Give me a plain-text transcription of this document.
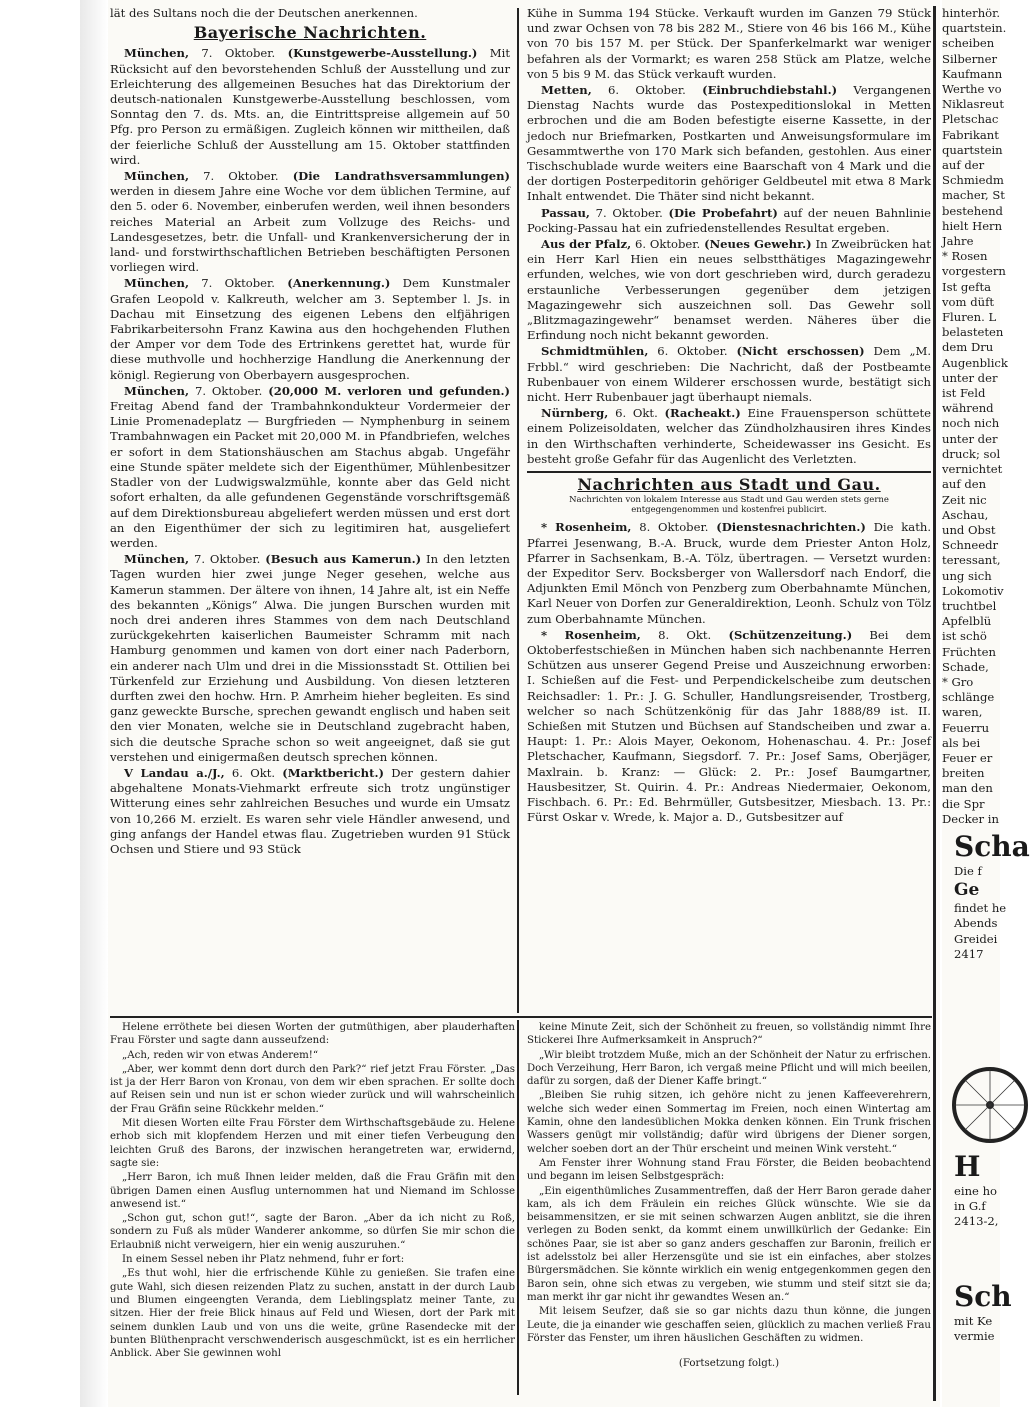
lät des Sultans noch die der Deutschen anerkennen.

Bayerische Nachrichten.

München, 7. Oktober. (Kunstgewerbe-Ausstellung.) Mit Rücksicht auf den bevorstehenden Schluß der Ausstellung und zur Erleichterung des allgemeinen Besuches hat das Direktorium der deutsch-nationalen Kunstgewerbe-Ausstellung beschlossen, vom Sonntag den 7. ds. Mts. an, die Eintrittspreise allgemein auf 50 Pfg. pro Person zu ermäßigen. Zugleich können wir mittheilen, daß der feierliche Schluß der Ausstellung am 15. Oktober stattfinden wird.

München, 7. Oktober. (Die Landrathsversammlungen) werden in diesem Jahre eine Woche vor dem üblichen Termine, auf den 5. oder 6. November, einberufen werden, weil ihnen besonders reiches Material an Arbeit zum Vollzuge des Reichs- und Landesgesetzes, betr. die Unfall- und Krankenversicherung der in land- und forstwirthschaftlichen Betrieben beschäftigten Personen vorliegen wird.

München, 7. Oktober. (Anerkennung.) Dem Kunstmaler Grafen Leopold v. Kalkreuth, welcher am 3. September l. Js. in Dachau mit Einsetzung des eigenen Lebens den elfjährigen Fabrikarbeitersohn Franz Kawina aus den hochgehenden Fluthen der Amper vor dem Tode des Ertrinkens gerettet hat, wurde für diese muthvolle und hochherzige Handlung die Anerkennung der königl. Regierung von Oberbayern ausgesprochen.

München, 7. Oktober. (20,000 M. verloren und gefunden.) Freitag Abend fand der Trambahnkondukteur Vordermeier der Linie Promenadeplatz — Burgfrieden — Nymphenburg in seinem Trambahnwagen ein Packet mit 20,000 M. in Pfandbriefen, welches er sofort in dem Stationshäuschen am Stachus abgab. Ungefähr eine Stunde später meldete sich der Eigenthümer, Mühlenbesitzer Stadler von der Ludwigswalzmühle, konnte aber das Geld nicht sofort erhalten, da alle gefundenen Gegenstände vorschriftsgemäß auf dem Direktionsbureau abgeliefert werden müssen und erst dort an den Eigenthümer der sich zu legitimiren hat, ausgeliefert werden.

München, 7. Oktober. (Besuch aus Kamerun.) In den letzten Tagen wurden hier zwei junge Neger gesehen, welche aus Kamerun stammen. Der ältere von ihnen, 14 Jahre alt, ist ein Neffe des bekannten „Königs“ Alwa. Die jungen Burschen wurden mit noch drei anderen ihres Stammes von dem nach Deutschland zurückgekehrten kaiserlichen Baumeister Schramm mit nach Hamburg genommen und kamen von dort einer nach Paderborn, ein anderer nach Ulm und drei in die Missionsstadt St. Ottilien bei Türkenfeld zur Erziehung und Ausbildung. Von diesen letzteren durften zwei den hochw. Hrn. P. Amrheim hieher begleiten. Es sind ganz geweckte Bursche, sprechen gewandt englisch und haben seit den vier Monaten, welche sie in Deutschland zugebracht haben, sich die deutsche Sprache schon so weit angeeignet, daß sie gut verstehen und einigermaßen deutsch sprechen können.

V Landau a./J., 6. Okt. (Marktbericht.) Der gestern dahier abgehaltene Monats-Viehmarkt erfreute sich trotz ungünstiger Witterung eines sehr zahlreichen Besuches und wurde ein Umsatz von 10,266 M. erzielt. Es waren sehr viele Händler anwesend, und ging anfangs der Handel etwas flau. Zugetrieben wurden 91 Stück Ochsen und Stiere und 93 Stück

Kühe in Summa 194 Stücke. Verkauft wurden im Ganzen 79 Stück und zwar Ochsen von 78 bis 282 M., Stiere von 46 bis 166 M., Kühe von 70 bis 157 M. per Stück. Der Spanferkelmarkt war weniger befahren als der Vormarkt; es waren 258 Stück am Platze, welche von 5 bis 9 M. das Stück verkauft wurden.

Metten, 6. Oktober. (Einbruchdiebstahl.) Vergangenen Dienstag Nachts wurde das Postexpeditionslokal in Metten erbrochen und die am Boden befestigte eiserne Kassette, in der jedoch nur Briefmarken, Postkarten und Anweisungsformulare im Gesammtwerthe von 170 Mark sich befanden, gestohlen. Aus einer Tischschublade wurde weiters eine Baarschaft von 4 Mark und die der dortigen Posterpeditorin gehöriger Geldbeutel mit etwa 8 Mark Inhalt entwendet. Die Thäter sind nicht bekannt.

Passau, 7. Oktober. (Die Probefahrt) auf der neuen Bahnlinie Pocking-Passau hat ein zufriedenstellendes Resultat ergeben.

Aus der Pfalz, 6. Oktober. (Neues Gewehr.) In Zweibrücken hat ein Herr Karl Hien ein neues selbstthätiges Magazingewehr erfunden, welches, wie von dort geschrieben wird, durch geradezu erstaunliche Verbesserungen gegenüber dem jetzigen Magazingewehr sich auszeichnen soll. Das Gewehr soll „Blitzmagazingewehr“ benamset werden. Näheres über die Erfindung noch nicht bekannt geworden.

Schmidtmühlen, 6. Oktober. (Nicht erschossen) Dem „M. Frbbl.“ wird geschrieben: Die Nachricht, daß der Postbeamte Rubenbauer von einem Wilderer erschossen wurde, bestätigt sich nicht. Herr Rubenbauer jagt überhaupt niemals.

Nürnberg, 6. Okt. (Racheakt.) Eine Frauensperson schüttete einem Polizeisoldaten, welcher das Zündholzhausiren ihres Kindes in den Wirthschaften verhinderte, Scheidewasser ins Gesicht. Es besteht große Gefahr für das Augenlicht des Verletzten.

Nachrichten aus Stadt und Gau.
Nachrichten von lokalem Interesse aus Stadt und Gau werden stets gerne entgegengenommen und kostenfrei publicirt.

* Rosenheim, 8. Oktober. (Dienstesnachrichten.) Die kath. Pfarrei Jesenwang, B.-A. Bruck, wurde dem Priester Anton Holz, Pfarrer in Sachsenkam, B.-A. Tölz, übertragen. — Versetzt wurden: der Expeditor Serv. Bocksberger von Wallersdorf nach Endorf, die Adjunkten Emil Mönch von Penzberg zum Oberbahnamte München, Karl Neuer von Dorfen zur Generaldirektion, Leonh. Schulz von Tölz zum Oberbahnamte München.

* Rosenheim, 8. Okt. (Schützenzeitung.) Bei dem Oktoberfestschießen in München haben sich nachbenannte Herren Schützen aus unserer Gegend Preise und Auszeichnung erworben: I. Schießen auf die Fest- und Perpendickelscheibe zum deutschen Reichsadler: 1. Pr.: J. G. Schuller, Handlungsreisender, Trostberg, welcher so nach Schützenkönig für das Jahr 1888/89 ist. II. Schießen mit Stutzen und Büchsen auf Standscheiben und zwar a. Haupt: 1. Pr.: Alois Mayer, Oekonom, Hohenaschau. 4. Pr.: Josef Pletschacher, Kaufmann, Siegsdorf. 7. Pr.: Josef Sams, Oberjäger, Maxlrain. b. Kranz: — Glück: 2. Pr.: Josef Baumgartner, Hausbesitzer, St. Quirin. 4. Pr.: Andreas Niedermaier, Oekonom, Fischbach. 6. Pr.: Ed. Behrmüller, Gutsbesitzer, Miesbach. 13. Pr.: Fürst Oskar v. Wrede, k. Major a. D., Gutsbesitzer auf

Helene erröthete bei diesen Worten der gutmüthigen, aber plauderhaften Frau Förster und sagte dann ausseufzend:

„Ach, reden wir von etwas Anderem!“

„Aber, wer kommt denn dort durch den Park?“ rief jetzt Frau Förster. „Das ist ja der Herr Baron von Kronau, von dem wir eben sprachen. Er sollte doch auf Reisen sein und nun ist er schon wieder zurück und will wahrscheinlich der Frau Gräfin seine Rückkehr melden.“

Mit diesen Worten eilte Frau Förster dem Wirthschaftsgebäude zu. Helene erhob sich mit klopfendem Herzen und mit einer tiefen Verbeugung den leichten Gruß des Barons, der inzwischen herangetreten war, erwidernd, sagte sie:

„Herr Baron, ich muß Ihnen leider melden, daß die Frau Gräfin mit den übrigen Damen einen Ausflug unternommen hat und Niemand im Schlosse anwesend ist.“

„Schon gut, schon gut!“, sagte der Baron. „Aber da ich nicht zu Roß, sondern zu Fuß als müder Wanderer ankomme, so dürfen Sie mir schon die Erlaubniß nicht verweigern, hier ein wenig auszuruhen.“

In einem Sessel neben ihr Platz nehmend, fuhr er fort:

„Es thut wohl, hier die erfrischende Kühle zu genießen. Sie trafen eine gute Wahl, sich diesen reizenden Platz zu suchen, anstatt in der durch Laub und Blumen eingeengten Veranda, dem Lieblingsplatz meiner Tante, zu sitzen. Hier der freie Blick hinaus auf Feld und Wiesen, dort der Park mit seinem dunklen Laub und von uns die weite, grüne Rasendecke mit der bunten Blüthenpracht verschwenderisch ausgeschmückt, ist es ein herrlicher Anblick. Aber Sie gewinnen wohl

keine Minute Zeit, sich der Schönheit zu freuen, so vollständig nimmt Ihre Stickerei Ihre Aufmerksamkeit in Anspruch?“

„Wir bleibt trotzdem Muße, mich an der Schönheit der Natur zu erfrischen. Doch Verzeihung, Herr Baron, ich vergaß meine Pflicht und will mich beeilen, dafür zu sorgen, daß der Diener Kaffe bringt.“

„Bleiben Sie ruhig sitzen, ich gehöre nicht zu jenen Kaffeeverehrern, welche sich weder einen Sommertag im Freien, noch einen Wintertag am Kamin, ohne den landesüblichen Mokka denken können. Ein Trunk frischen Wassers genügt mir vollständig; dafür wird übrigens der Diener sorgen, welcher soeben dort an der Thür erscheint und meinen Wink versteht.“

Am Fenster ihrer Wohnung stand Frau Förster, die Beiden beobachtend und begann im leisen Selbstgespräch:

„Ein eigenthümliches Zusammentreffen, daß der Herr Baron gerade daher kam, als ich dem Fräulein ein reiches Glück wünschte. Wie sie da beisammensitzen, er sie mit seinen schwarzen Augen anblitzt, sie die ihren verlegen zu Boden senkt, da kommt einem unwillkürlich der Gedanke: Ein schönes Paar, sie ist aber so ganz anders geschaffen zur Baronin, freilich er ist adelsstolz bei aller Herzensgüte und sie ist ein einfaches, aber stolzes Bürgersmädchen. Sie könnte wirklich ein wenig entgegenkommen gegen den Baron sein, ohne sich etwas zu vergeben, wie stumm und steif sitzt sie da; man merkt ihr gar nicht ihr gewandtes Wesen an.“

Mit leisem Seufzer, daß sie so gar nichts dazu thun könne, die jungen Leute, die ja einander wie geschaffen seien, glücklich zu machen verließ Frau Förster das Fenster, um ihren häuslichen Geschäften zu widmen.

(Fortsetzung folgt.)
hinterhör.
quartstein.
scheiben
Silberner
Kaufmann
Werthe vo
Niklasreut
Pletschac
Fabrikant
quartstein
auf der
Schmiedm
macher, St
bestehend
hielt Hern
Jahre
* Rosen
vorgestern
Ist gefta
vom düft
Fluren. L
belasteten
dem Dru
Augenblick
unter der
ist Feld
während
noch nich
unter der
druck; sol
vernichtet
auf den
Zeit nic
Aschau,
und Obst
Schneedr
teressant,
ung sich
Lokomotiv
truchtbel
Apfelblü
ist schö
Früchten
Schade,
* Gro
schlänge
waren,
Feuerru
als bei
Feuer er
breiten
man den
die Spr
Decker in
Scha
Die f
Ge
findet he
Abends
Greidei
2417
H
eine ho
in G.f
2413-2,
Sch
mit Ke
vermie
